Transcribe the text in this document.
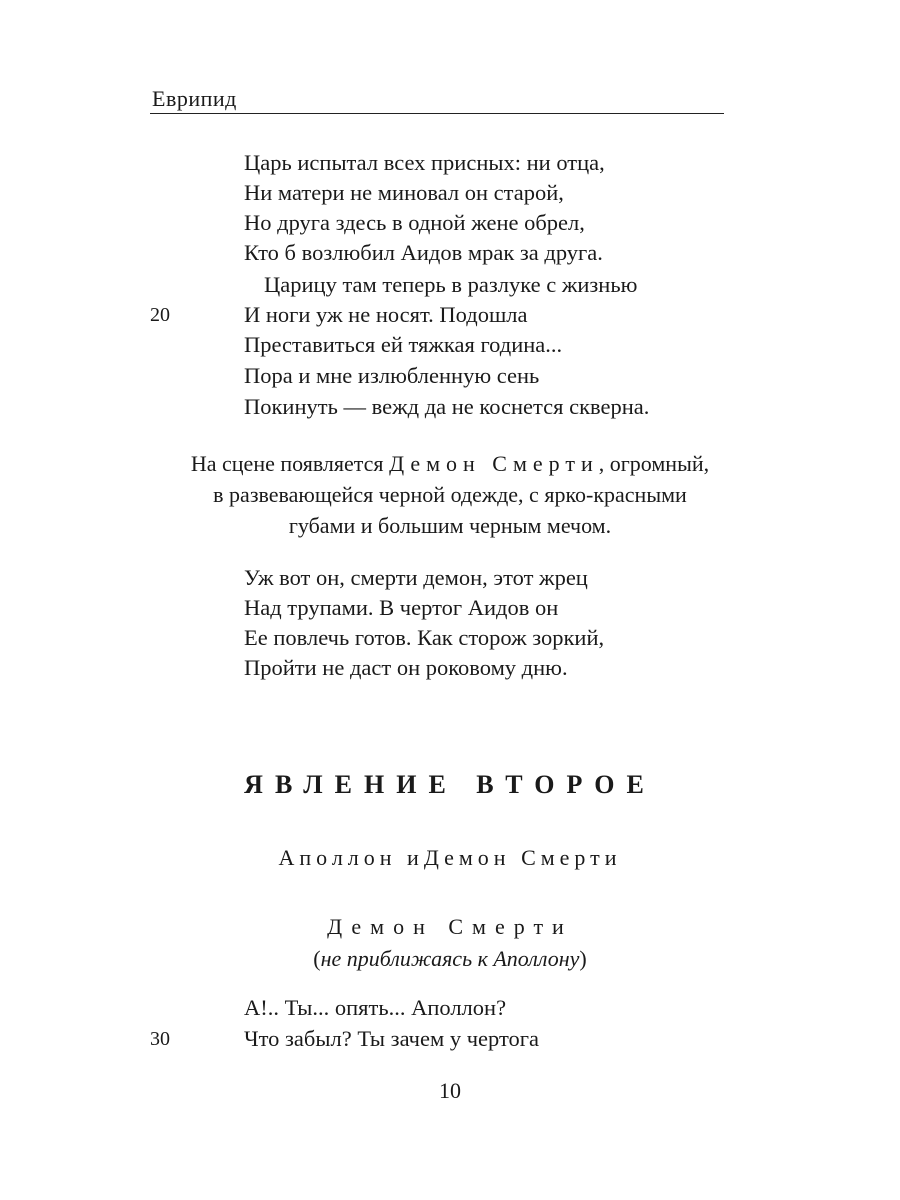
Еврипид
Царь испытал всех присных: ни отца,
Ни матери не миновал он старой,
Но друга здесь в одной жене обрел,
Кто б возлюбил Аидов мрак за друга.
Царицу там теперь в разлуке с жизнью
20	И ноги уж не носят. Подошла
Преставиться ей тяжкая година...
Пора и мне излюбленную сень
Покинуть — вежд да не коснется скверна.
На сцене появляется Демон Смерти, огромный,
в развевающейся черной одежде, с ярко-красными
губами и большим черным мечом.
Уж вот он, смерти демон, этот жрец
Над трупами. В чертог Аидов он
Ее повлечь готов. Как сторож зоркий,
Пройти не даст он роковому дню.
ЯВЛЕНИЕ ВТОРОЕ
Аполлон иДемон Смерти
Демон Смерти
(не приближаясь к Аполлону)
А!.. Ты... опять... Аполлон?
30	Что забыл? Ты зачем у чертога
10
